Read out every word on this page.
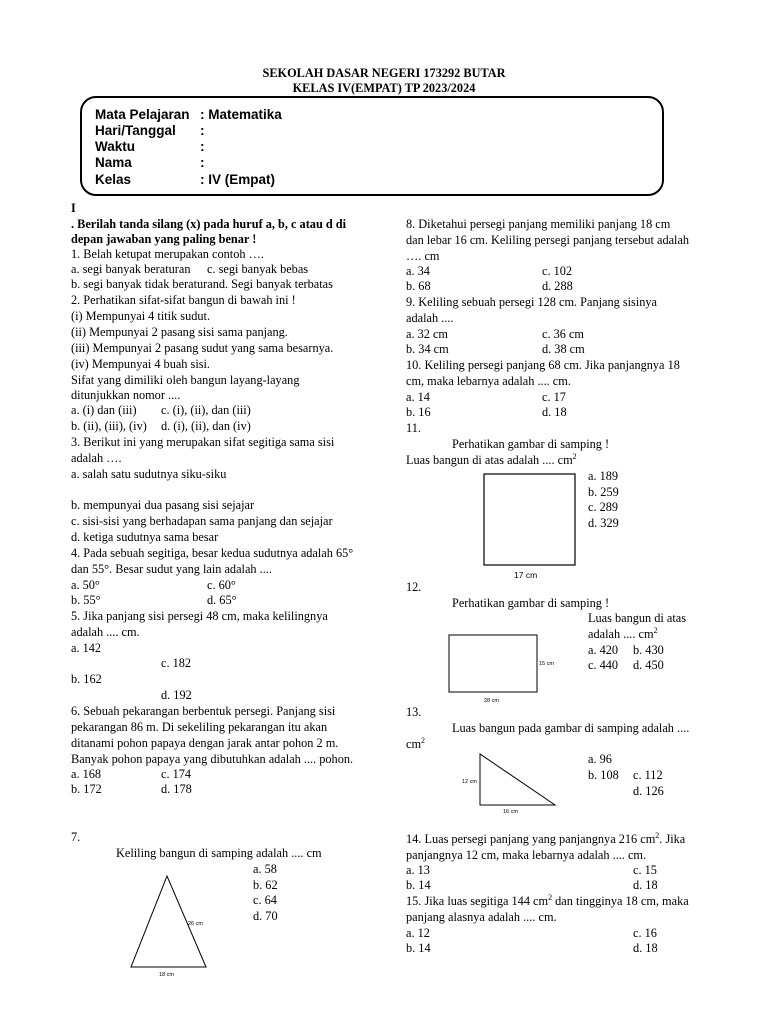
SEKOLAH DASAR NEGERI 173292 BUTAR
KELAS IV(EMPAT) TP 2023/2024
Mata Pelajaran : Matematika
Hari/Tanggal :
Waktu	:
Nama	:
Kelas	: IV (Empat)
I
. Berilah tanda silang (x) pada huruf a, b, c atau d di
depan jawaban yang paling benar !
1. Belah ketupat merupakan contoh ….
a. segi banyak beraturan c. segi banyak bebas
b. segi banyak tidak beraturand. Segi banyak terbatas
2. Perhatikan sifat-sifat bangun di bawah ini !
(i) Mempunyai 4 titik sudut.
(ii) Mempunyai 2 pasang sisi sama panjang.
(iii) Mempunyai 2 pasang sudut yang sama besarnya.
(iv) Mempunyai 4 buah sisi.
Sifat yang dimiliki oleh bangun layang-layang
ditunjukkan nomor ....
a. (i) dan (iii) c. (i), (ii), dan (iii)
b. (ii), (iii), (iv) d. (i), (ii), dan (iv)
3. Berikut ini yang merupakan sifat segitiga sama sisi
adalah ….
a. salah satu sudutnya siku-siku
b. mempunyai dua pasang sisi sejajar
c. sisi-sisi yang berhadapan sama panjang dan sejajar
d. ketiga sudutnya sama besar
4. Pada sebuah segitiga, besar kedua sudutnya adalah 65°
dan 55°. Besar sudut yang lain adalah ....
a. 50°	c. 60°
b. 55°	d. 65°
5. Jika panjang sisi persegi 48 cm, maka kelilingnya
adalah .... cm.
a. 142
c. 182
b. 162
d. 192
6. Sebuah pekarangan berbentuk persegi. Panjang sisi
pekarangan 86 m. Di sekeliling pekarangan itu akan
ditanami pohon papaya dengan jarak antar pohon 2 m.
Banyak pohon papaya yang dibutuhkan adalah .... pohon.
a. 168	c. 174
b. 172	d. 178
7.
Keliling bangun di samping adalah .... cm
a. 58
b. 62
c. 64
d. 70
26 cm
18 cm
8. Diketahui persegi panjang memiliki panjang 18 cm
dan lebar 16 cm. Keliling persegi panjang tersebut adalah
…. cm
a. 34	c. 102
b. 68	d. 288
9. Keliling sebuah persegi 128 cm. Panjang sisinya
adalah ....
a. 32 cm	c. 36 cm
b. 34 cm	d. 38 cm
10. Keliling persegi panjang 68 cm. Jika panjangnya 18
cm, maka lebarnya adalah .... cm.
a. 14	c. 17
b. 16	d. 18
11.
Perhatikan gambar di samping !
Luas bangun di atas adalah .... $cm^2$
a. 189
b. 259
c. 289
d. 329
17 cm
12.
Perhatikan gambar di samping !
Luas bangun di atas
adalah .... $cm^2$
a. 420 b. 430
c. 440 d. 450
15 cm
28 cm
13.
Luas bangun pada gambar di samping adalah ....
$cm^2$
a. 96
b. 108 c. 112
d. 126
12 cm
16 cm
14. Luas persegi panjang yang panjangnya 216 $cm^2$. Jika
panjangnya 12 cm, maka lebarnya adalah .... cm.
a. 13	c. 15
b. 14	d. 18
15. Jika luas segitiga 144 $cm^2$ dan tingginya 18 cm, maka
panjang alasnya adalah .... cm.
a. 12	c. 16
b. 14	d. 18
